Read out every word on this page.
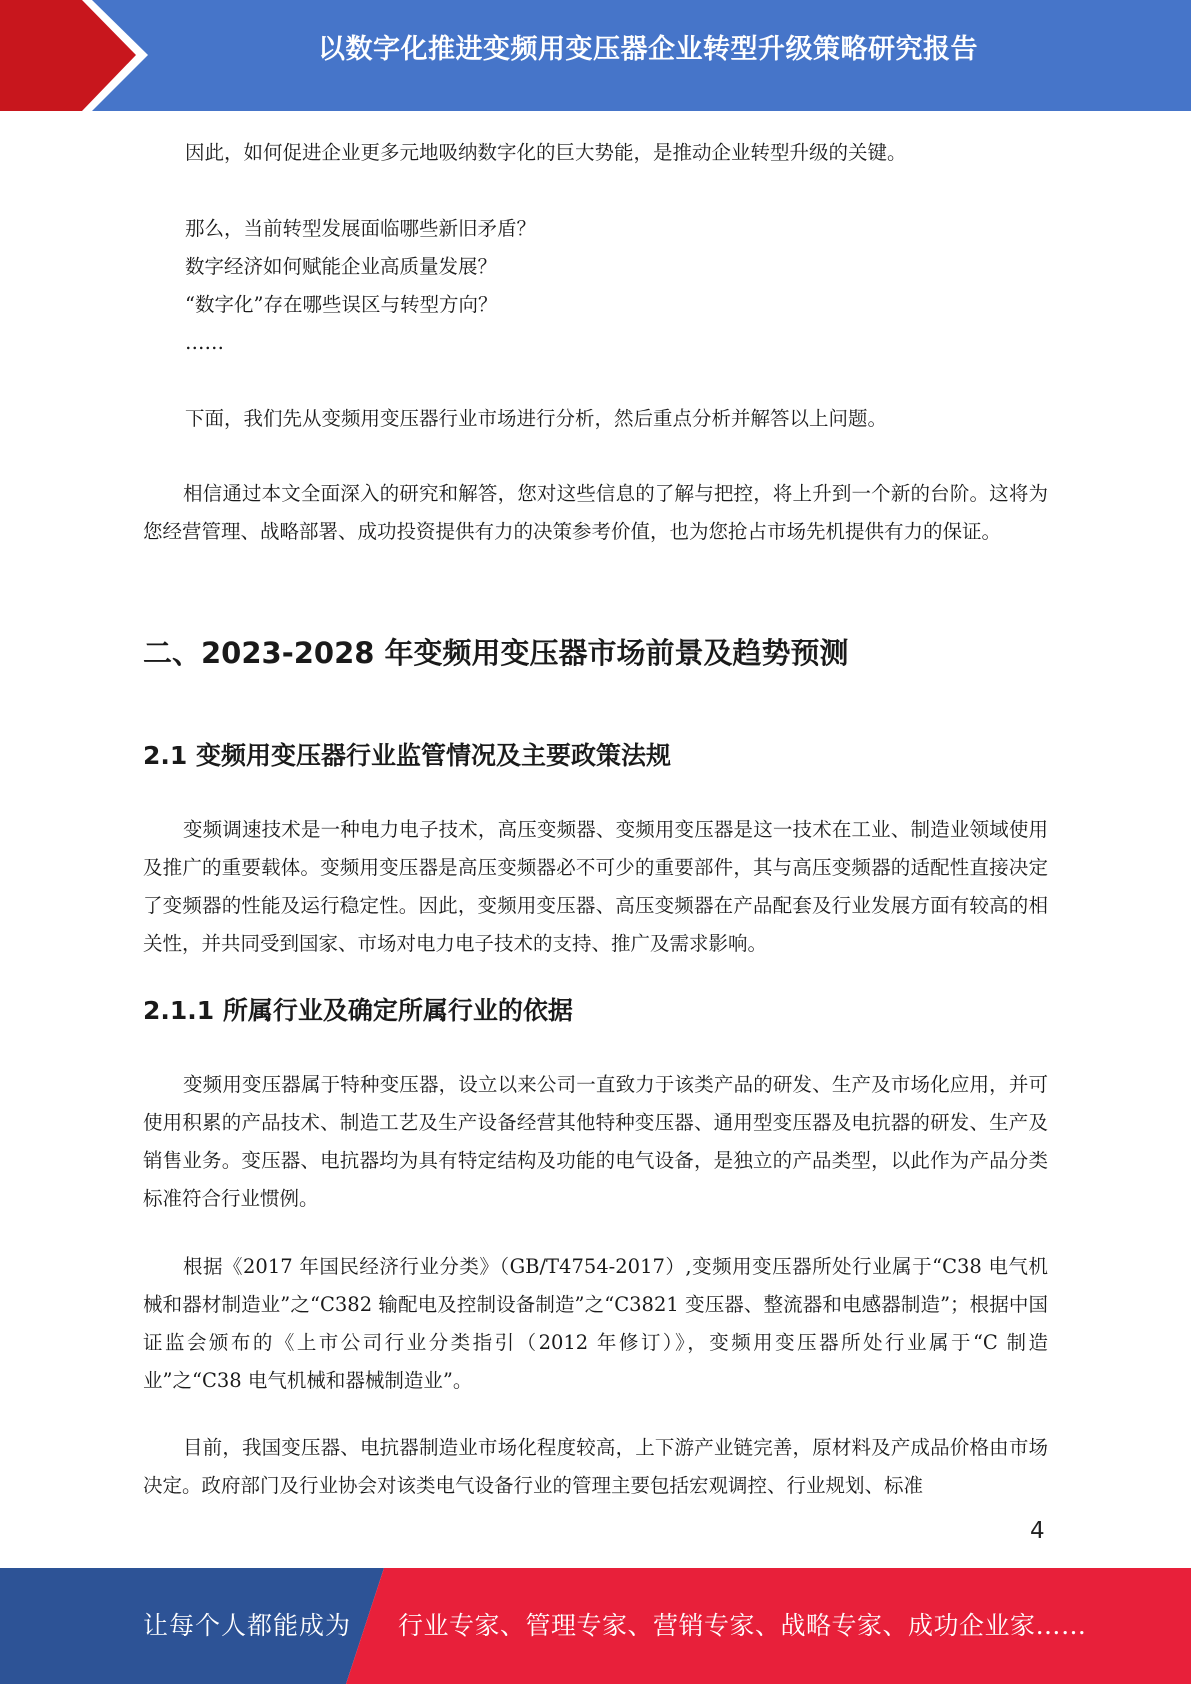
以数字化推进变频用变压器企业转型升级策略研究报告

因此，如何促进企业更多元地吸纳数字化的巨大势能，是推动企业转型升级的关键。

那么，当前转型发展面临哪些新旧矛盾？

数字经济如何赋能企业高质量发展？

“数字化”存在哪些误区与转型方向？

……

下面，我们先从变频用变压器行业市场进行分析，然后重点分析并解答以上问题。

相信通过本文全面深入的研究和解答，您对这些信息的了解与把控，将上升到一个新的台阶。这将为您经营管理、战略部署、成功投资提供有力的决策参考价值，也为您抢占市场先机提供有力的保证。

二、2023-2028 年变频用变压器市场前景及趋势预测
2.1 变频用变压器行业监管情况及主要政策法规

变频调速技术是一种电力电子技术，高压变频器、变频用变压器是这一技术在工业、制造业领域使用及推广的重要载体。变频用变压器是高压变频器必不可少的重要部件，其与高压变频器的适配性直接决定了变频器的性能及运行稳定性。因此，变频用变压器、高压变频器在产品配套及行业发展方面有较高的相关性，并共同受到国家、市场对电力电子技术的支持、推广及需求影响。

2.1.1 所属行业及确定所属行业的依据

变频用变压器属于特种变压器，设立以来公司一直致力于该类产品的研发、生产及市场化应用，并可使用积累的产品技术、制造工艺及生产设备经营其他特种变压器、通用型变压器及电抗器的研发、生产及销售业务。变压器、电抗器均为具有特定结构及功能的电气设备，是独立的产品类型，以此作为产品分类标准符合行业惯例。

根据《2017 年国民经济行业分类》（GB/T4754-2017）,变频用变压器所处行业属于“C38 电气机械和器材制造业”之“C382 输配电及控制设备制造”之“C3821 变压器、整流器和电感器制造”；根据中国证监会颁布的《上市公司行业分类指引（2012 年修订）》，变频用变压器所处行业属于“C 制造业”之“C38 电气机械和器械制造业”。

目前，我国变压器、电抗器制造业市场化程度较高，上下游产业链完善，原材料及产成品价格由市场决定。政府部门及行业协会对该类电气设备行业的管理主要包括宏观调控、行业规划、标准

4
让每个人都能成为 行业专家、管理专家、营销专家、战略专家、成功企业家……
